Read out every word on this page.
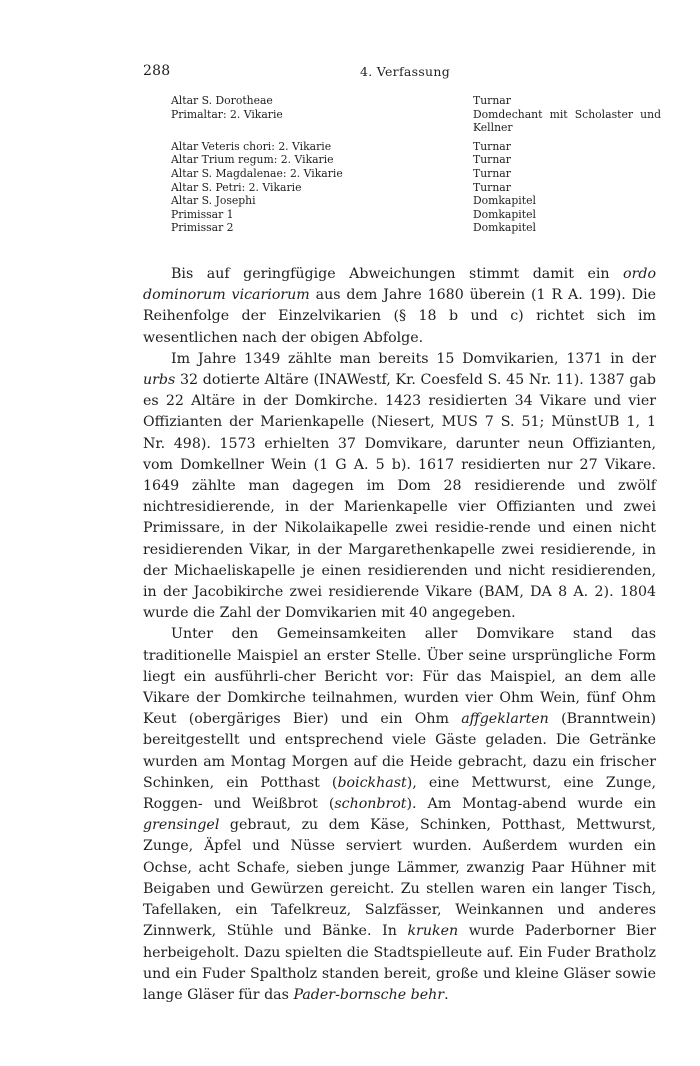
288	4. Verfassung
Altar S. Dorotheae	Turnar
Primaltar: 2. Vikarie	Domdechant mit Scholaster und Kellner
Altar Veteris chori: 2. Vikarie	Turnar
Altar Trium regum: 2. Vikarie	Turnar
Altar S. Magdalenae: 2. Vikarie	Turnar
Altar S. Petri: 2. Vikarie	Turnar
Altar S. Josephi	Domkapitel
Primissar 1	Domkapitel
Primissar 2	Domkapitel

Bis auf geringfügige Abweichungen stimmt damit ein ordo dominorum vicariorum aus dem Jahre 1680 überein (1 R A. 199). Die Reihenfolge der Einzelvikarien (§ 18 b und c) richtet sich im wesentlichen nach der obigen Abfolge.

Im Jahre 1349 zählte man bereits 15 Domvikarien, 1371 in der urbs 32 dotierte Altäre (INAWestf, Kr. Coesfeld S. 45 Nr. 11). 1387 gab es 22 Altäre in der Domkirche. 1423 residierten 34 Vikare und vier Offizianten der Marienkapelle (Niesert, MUS 7 S. 51; MünstUB 1, 1 Nr. 498). 1573 erhielten 37 Domvikare, darunter neun Offizianten, vom Domkellner Wein (1 G A. 5 b). 1617 residierten nur 27 Vikare. 1649 zählte man dagegen im Dom 28 residierende und zwölf nichtresidierende, in der Marienkapelle vier Offizianten und zwei Primissare, in der Nikolaikapelle zwei residie-rende und einen nicht residierenden Vikar, in der Margarethenkapelle zwei residierende, in der Michaeliskapelle je einen residierenden und nicht residierenden, in der Jacobikirche zwei residierende Vikare (BAM, DA 8 A. 2). 1804 wurde die Zahl der Domvikarien mit 40 angegeben.

Unter den Gemeinsamkeiten aller Domvikare stand das traditionelle Maispiel an erster Stelle. Über seine ursprüngliche Form liegt ein ausführli-cher Bericht vor: Für das Maispiel, an dem alle Vikare der Domkirche teilnahmen, wurden vier Ohm Wein, fünf Ohm Keut (obergäriges Bier) und ein Ohm affgeklarten (Branntwein) bereitgestellt und entsprechend viele Gäste geladen. Die Getränke wurden am Montag Morgen auf die Heide gebracht, dazu ein frischer Schinken, ein Potthast (boickhast), eine Mettwurst, eine Zunge, Roggen- und Weißbrot (schonbrot). Am Montag-abend wurde ein grensingel gebraut, zu dem Käse, Schinken, Potthast, Mettwurst, Zunge, Äpfel und Nüsse serviert wurden. Außerdem wurden ein Ochse, acht Schafe, sieben junge Lämmer, zwanzig Paar Hühner mit Beigaben und Gewürzen gereicht. Zu stellen waren ein langer Tisch, Tafellaken, ein Tafelkreuz, Salzfässer, Weinkannen und anderes Zinnwerk, Stühle und Bänke. In kruken wurde Paderborner Bier herbeigeholt. Dazu spielten die Stadtspielleute auf. Ein Fuder Bratholz und ein Fuder Spaltholz standen bereit, große und kleine Gläser sowie lange Gläser für das Pader-bornsche behr.
